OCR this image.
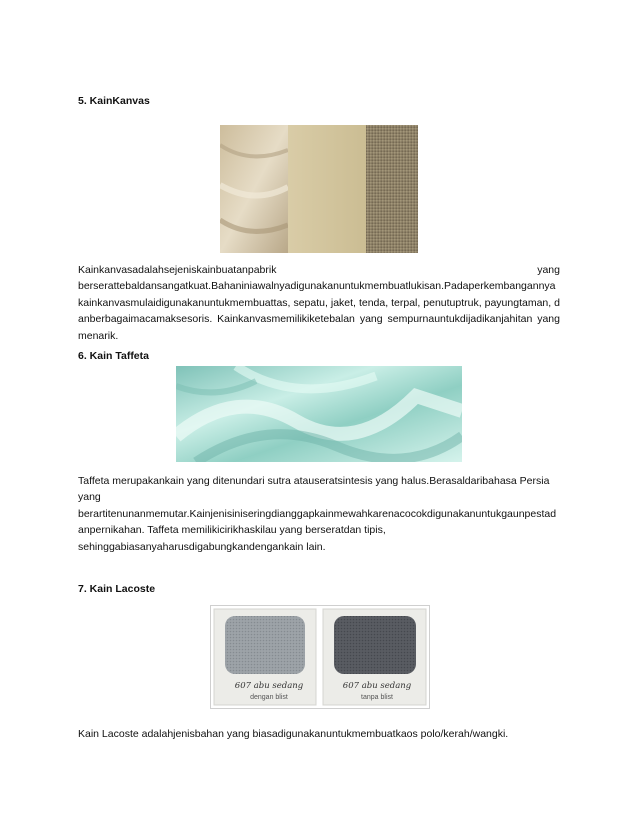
5. KainKanvas
Kainkanvasadalahsejeniskainbuatanpabrik	yang
berserattebaldansangatkuat.Bahaniniawalnyadigunakanuntukmembuatlukisan.Padaperkembangannyakainkanvasmulaidigunakanuntukmembuattas, sepatu, jaket, tenda, terpal, penutuptruk, payungtaman, danberbagaimacamaksesoris. Kainkanvasmemilikiketebalan yang sempurnauntukdijadikanjahitan yang menarik.
6. Kain Taffeta
Taffeta merupakankain yang ditenundari sutra atauseratsintesis yang halus.Berasaldaribahasa Persia
yang
berartitenunanmemutar.Kainjenisiniseringdianggapkainmewahkarenacocokdigunakanuntukgaunpestad
anpernikahan. Taffeta memilikicirikhaskilau yang berseratdan tipis,
sehinggabiasanyaharusdigabungkandengankain lain.
7. Kain Lacoste
607 abu sedang
dengan blist
607 abu sedang
tanpa blist

Kain Lacoste adalahjenisbahan yang biasadigunakanuntukmembuatkaos polo/kerah/wangki.
